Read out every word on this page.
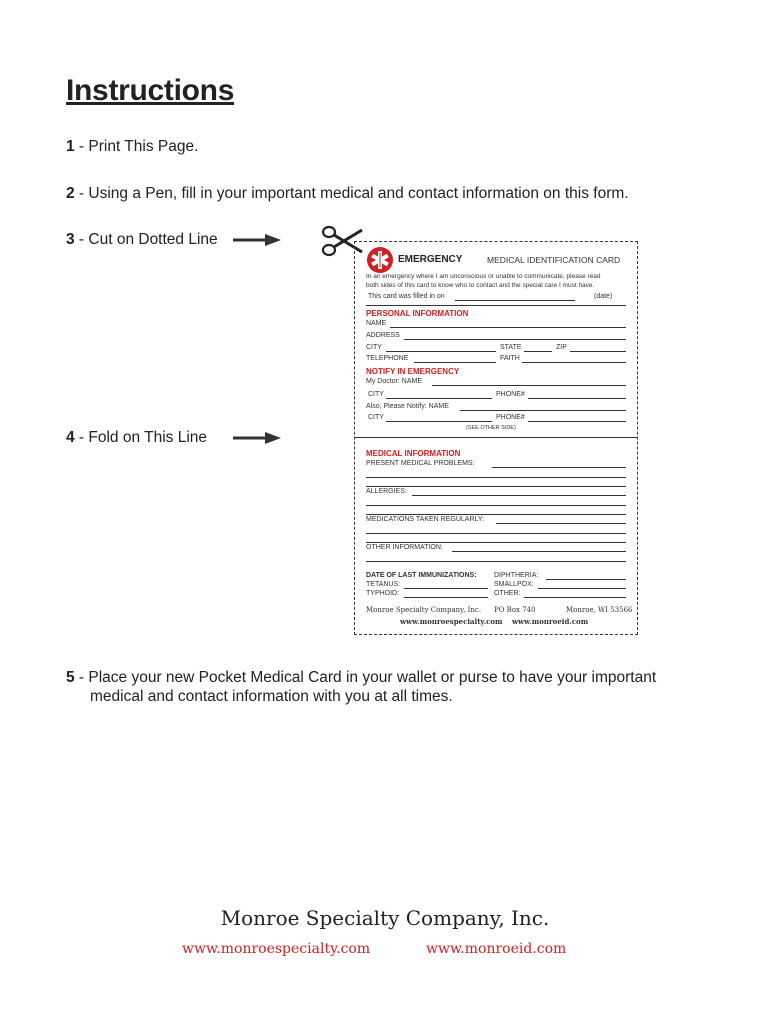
Instructions
1 - Print This Page.
2 - Using a Pen, fill in your important medical and contact information on this form.
3 - Cut on Dotted Line
4 - Fold on This Line
EMERGENCY	MEDICAL IDENTIFICATION CARD
In an emergency where I am unconscious or unable to communicate, please read
both sides of this card to know who to contact and the special care I must have.
This card was filled in on	(date)
PERSONAL INFORMATION
NAME
ADDRESS
CITY	STATE	ZIP
TELEPHONE	FAITH
NOTIFY IN EMERGENCY
My Doctor: NAME
CITY	PHONE#
Also, Please Notify: NAME
CITY	PHONE#
(SEE OTHER SIDE)
MEDICAL INFORMATION
PRESENT MEDICAL PROBLEMS:
ALLERGIES:
MEDICATIONS TAKEN REGULARLY:
OTHER INFORMATION:
DATE OF LAST IMMUNIZATIONS: DIPHTHERIA:
TETANUS:	SMALLPOX:
TYPHOID:	OTHER:
Monroe Specialty Company, Inc. PO Box 740	Monroe, WI 53566
www.monroespecialty.com www.monroeid.com
5 - Place your new Pocket Medical Card in your wallet or purse to have your important
medical and contact information with you at all times.
Monroe Specialty Company, Inc.
www.monroespecialty.com	www.monroeid.com
